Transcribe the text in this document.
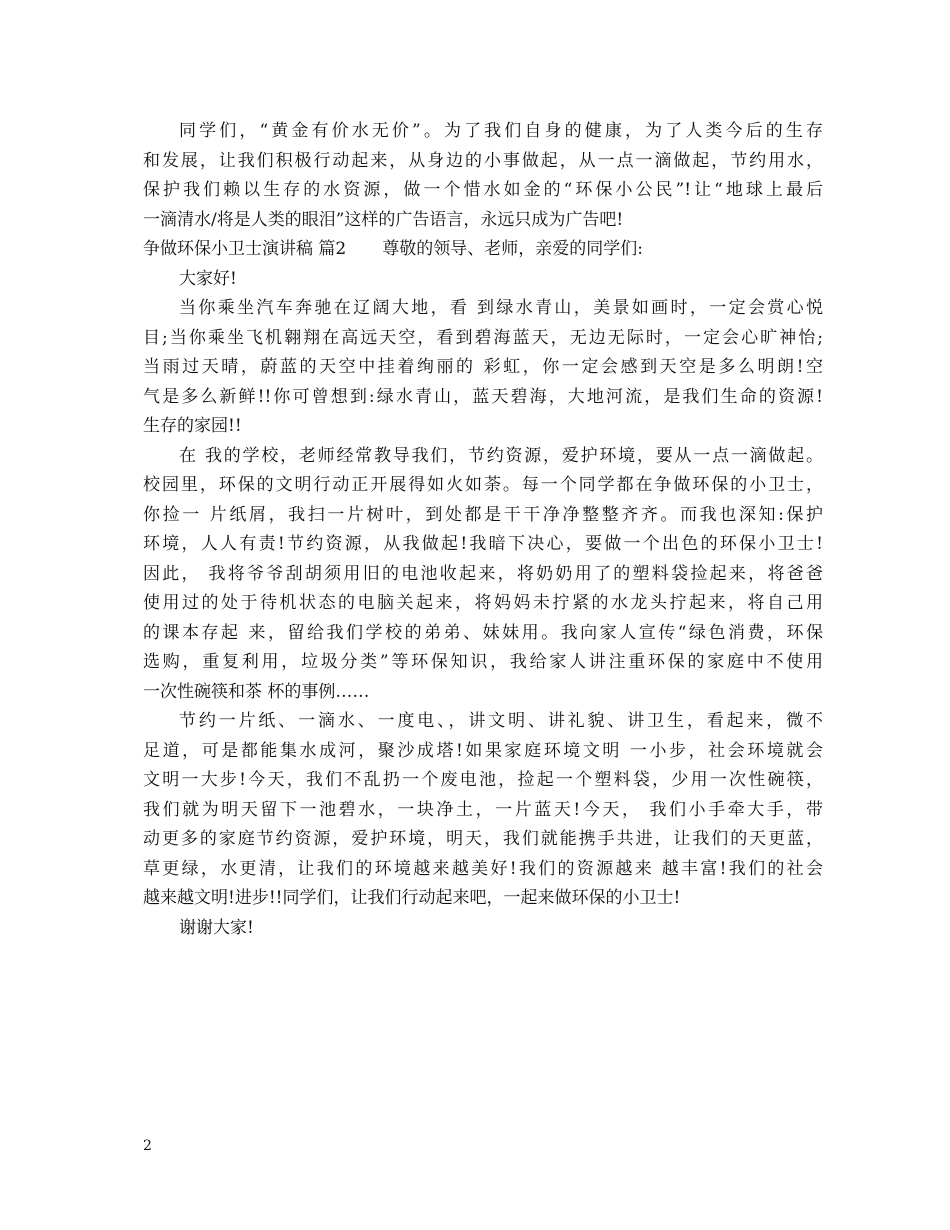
同学们，“黄金有价水无价”。为了我们自身的健康，为了人类今后的生存
和发展，让我们积极行动起来，从身边的小事做起，从一点一滴做起，节约用水，
保护我们赖以生存的水资源，做一个惜水如金的“环保小公民”!让“地球上最后
一滴清水/将是人类的眼泪”这样的广告语言，永远只成为广告吧!
争做环保小卫士演讲稿 篇2 尊敬的领导、老师，亲爱的同学们:
大家好!
当你乘坐汽车奔驰在辽阔大地，看 到绿水青山，美景如画时，一定会赏心悦
目;当你乘坐飞机翱翔在高远天空，看到碧海蓝天，无边无际时，一定会心旷神怡;
当雨过天晴，蔚蓝的天空中挂着绚丽的 彩虹，你一定会感到天空是多么明朗!空
气是多么新鲜!!你可曾想到:绿水青山，蓝天碧海，大地河流，是我们生命的资源!
生存的家园!!
在 我的学校，老师经常教导我们，节约资源，爱护环境，要从一点一滴做起。
校园里，环保的文明行动正开展得如火如荼。每一个同学都在争做环保的小卫士，
你捡一 片纸屑，我扫一片树叶，到处都是干干净净整整齐齐。而我也深知:保护
环境，人人有责!节约资源，从我做起!我暗下决心，要做一个出色的环保小卫士!
因此， 我将爷爷刮胡须用旧的电池收起来，将奶奶用了的塑料袋捡起来，将爸爸
使用过的处于待机状态的电脑关起来，将妈妈未拧紧的水龙头拧起来，将自己用
的课本存起 来，留给我们学校的弟弟、妹妹用。我向家人宣传“绿色消费，环保
选购，重复利用，垃圾分类”等环保知识，我给家人讲注重环保的家庭中不使用
一次性碗筷和茶 杯的事例……
节约一片纸、一滴水、一度电、，讲文明、讲礼貌、讲卫生，看起来，微不
足道，可是都能集水成河，聚沙成塔!如果家庭环境文明 一小步，社会环境就会
文明一大步!今天，我们不乱扔一个废电池，捡起一个塑料袋，少用一次性碗筷，
我们就为明天留下一池碧水，一块净土，一片蓝天!今天， 我们小手牵大手，带
动更多的家庭节约资源，爱护环境，明天，我们就能携手共进，让我们的天更蓝，
草更绿，水更清，让我们的环境越来越美好!我们的资源越来 越丰富!我们的社会
越来越文明!进步!!同学们，让我们行动起来吧，一起来做环保的小卫士!
谢谢大家!
2
